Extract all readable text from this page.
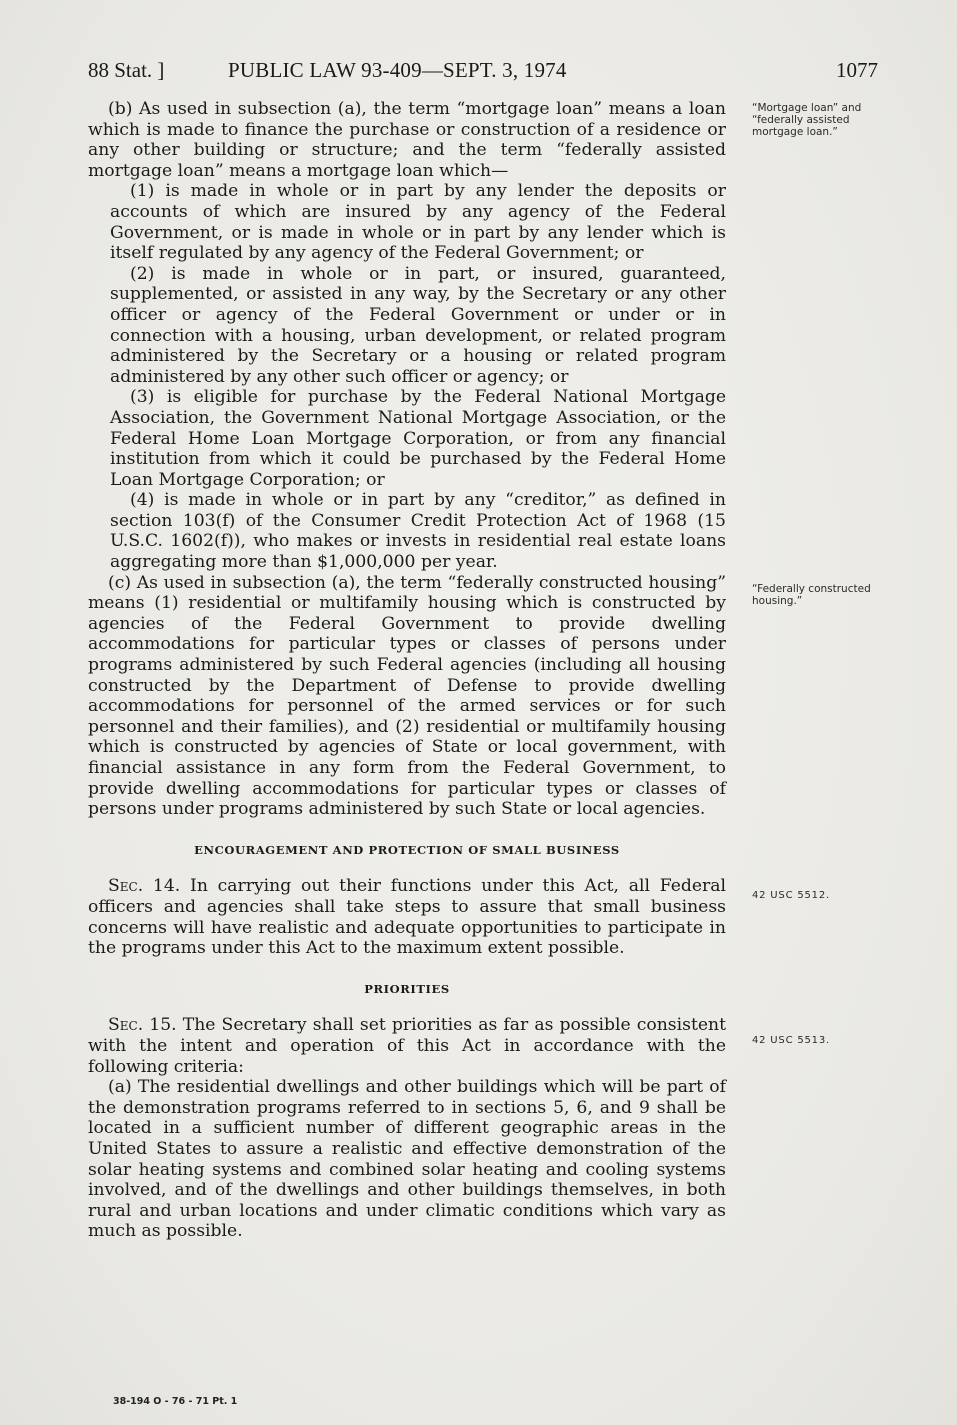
88 Stat. ]	PUBLIC LAW 93-409—SEPT. 3, 1974	1077

(b) As used in subsection (a), the term “mortgage loan” means a loan which is made to finance the purchase or construction of a residence or any other building or structure; and the term “federally assisted mortgage loan” means a mortgage loan which—

(1) is made in whole or in part by any lender the deposits or accounts of which are insured by any agency of the Federal Government, or is made in whole or in part by any lender which is itself regulated by any agency of the Federal Government; or

(2) is made in whole or in part, or insured, guaranteed, supplemented, or assisted in any way, by the Secretary or any other officer or agency of the Federal Government or under or in connection with a housing, urban development, or related program administered by the Secretary or a housing or related program administered by any other such officer or agency; or

(3) is eligible for purchase by the Federal National Mortgage Association, the Government National Mortgage Association, or the Federal Home Loan Mortgage Corporation, or from any financial institution from which it could be purchased by the Federal Home Loan Mortgage Corporation; or

(4) is made in whole or in part by any “creditor,” as defined in section 103(f) of the Consumer Credit Protection Act of 1968 (15 U.S.C. 1602(f)), who makes or invests in residential real estate loans aggregating more than $1,000,000 per year.

(c) As used in subsection (a), the term “federally constructed housing” means (1) residential or multifamily housing which is constructed by agencies of the Federal Government to provide dwelling accommodations for particular types or classes of persons under programs administered by such Federal agencies (including all housing constructed by the Department of Defense to provide dwelling accommodations for personnel of the armed services or for such personnel and their families), and (2) residential or multifamily housing which is constructed by agencies of State or local government, with financial assistance in any form from the Federal Government, to provide dwelling accommodations for particular types or classes of persons under programs administered by such State or local agencies.

ENCOURAGEMENT AND PROTECTION OF SMALL BUSINESS

Sec. 14. In carrying out their functions under this Act, all Federal officers and agencies shall take steps to assure that small business concerns will have realistic and adequate opportunities to participate in the programs under this Act to the maximum extent possible.

PRIORITIES

Sec. 15. The Secretary shall set priorities as far as possible consistent with the intent and operation of this Act in accordance with the following criteria:

(a) The residential dwellings and other buildings which will be part of the demonstration programs referred to in sections 5, 6, and 9 shall be located in a sufficient number of different geographic areas in the United States to assure a realistic and effective demonstration of the solar heating systems and combined solar heating and cooling systems involved, and of the dwellings and other buildings themselves, in both rural and urban locations and under climatic conditions which vary as much as possible.

“Mortgage loan” and “federally assisted mortgage loan.”
“Federally constructed housing.”
42 USC 5512.
42 USC 5513.
38-194 O - 76 - 71 Pt. 1
